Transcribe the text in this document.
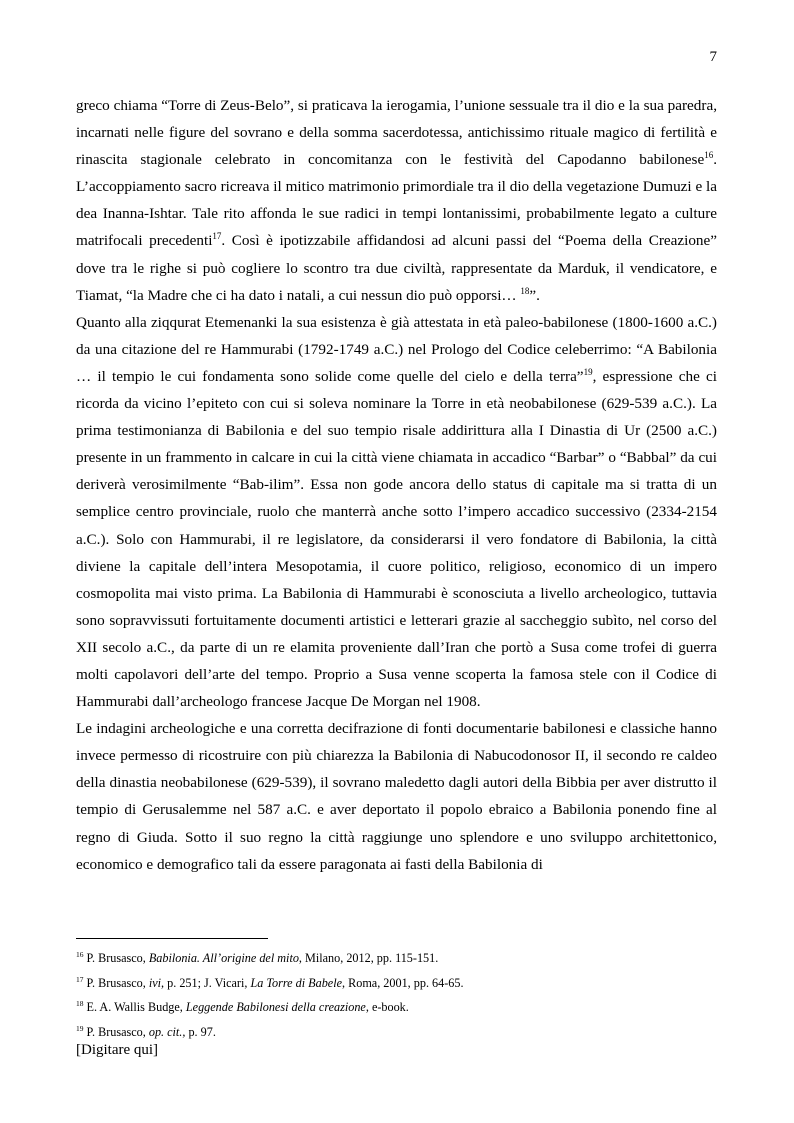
7

greco chiama “Torre di Zeus-Belo”, si praticava la ierogamia, l’unione sessuale tra il dio e la sua paredra, incarnati nelle figure del sovrano e della somma sacerdotessa, antichissimo rituale magico di fertilità e rinascita stagionale celebrato in concomitanza con le festività del Capodanno babilonese$^{16}$. L’accoppiamento sacro ricreava il mitico matrimonio primordiale tra il dio della vegetazione Dumuzi e la dea Inanna-Ishtar. Tale rito affonda le sue radici in tempi lontanissimi, probabilmente legato a culture matrifocali precedenti$^{17}$. Così è ipotizzabile affidandosi ad alcuni passi del “Poema della Creazione” dove tra le righe si può cogliere lo scontro tra due civiltà, rappresentate da Marduk, il vendicatore, e Tiamat, “la Madre che ci ha dato i natali, a cui nessun dio può opporsi… $^{18}$”.

Quanto alla ziqqurat Etemenanki la sua esistenza è già attestata in età paleo-babilonese (1800-1600 a.C.) da una citazione del re Hammurabi (1792-1749 a.C.) nel Prologo del Codice celeberrimo: “A Babilonia … il tempio le cui fondamenta sono solide come quelle del cielo e della terra”$^{19}$, espressione che ci ricorda da vicino l’epiteto con cui si soleva nominare la Torre in età neobabilonese (629-539 a.C.). La prima testimonianza di Babilonia e del suo tempio risale addirittura alla I Dinastia di Ur (2500 a.C.) presente in un frammento in calcare in cui la città viene chiamata in accadico “Barbar” o “Babbal” da cui deriverà verosimilmente “Bab-ilim”. Essa non gode ancora dello status di capitale ma si tratta di un semplice centro provinciale, ruolo che manterrà anche sotto l’impero accadico successivo (2334-2154 a.C.). Solo con Hammurabi, il re legislatore, da considerarsi il vero fondatore di Babilonia, la città diviene la capitale dell’intera Mesopotamia, il cuore politico, religioso, economico di un impero cosmopolita mai visto prima. La Babilonia di Hammurabi è sconosciuta a livello archeologico, tuttavia sono sopravvissuti fortuitamente documenti artistici e letterari grazie al saccheggio subìto, nel corso del XII secolo a.C., da parte di un re elamita proveniente dall’Iran che portò a Susa come trofei di guerra molti capolavori dell’arte del tempo. Proprio a Susa venne scoperta la famosa stele con il Codice di Hammurabi dall’archeologo francese Jacque De Morgan nel 1908.

Le indagini archeologiche e una corretta decifrazione di fonti documentarie babilonesi e classiche hanno invece permesso di ricostruire con più chiarezza la Babilonia di Nabucodonosor II, il secondo re caldeo della dinastia neobabilonese (629-539), il sovrano maledetto dagli autori della Bibbia per aver distrutto il tempio di Gerusalemme nel 587 a.C. e aver deportato il popolo ebraico a Babilonia ponendo fine al regno di Giuda. Sotto il suo regno la città raggiunge uno splendore e uno sviluppo architettonico, economico e demografico tali da essere paragonata ai fasti della Babilonia di

$^{16}$ P. Brusasco, Babilonia. All’origine del mito, Milano, 2012, pp. 115-151.

$^{17}$ P. Brusasco, ivi, p. 251; J. Vicari, La Torre di Babele, Roma, 2001, pp. 64-65.

$^{18}$ E. A. Wallis Budge, Leggende Babilonesi della creazione, e-book.

$^{19}$ P. Brusasco, op. cit., p. 97.

[Digitare qui]
